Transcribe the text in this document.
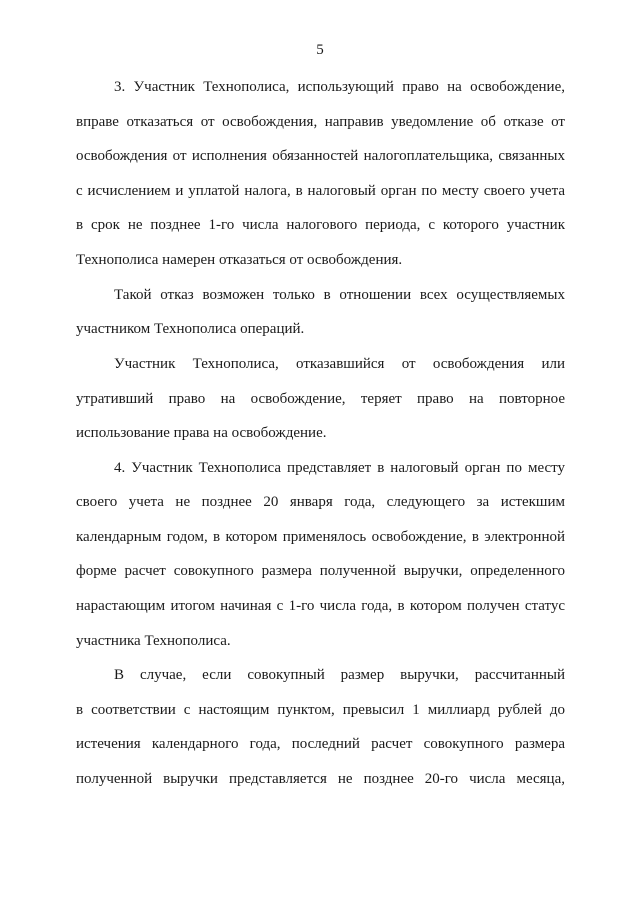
5
3. Участник Технополиса, использующий право на освобождение,
вправе отказаться от освобождения, направив уведомление об отказе от
освобождения от исполнения обязанностей налогоплательщика, связанных
с исчислением и уплатой налога, в налоговый орган по месту своего учета
в срок не позднее 1-го числа налогового периода, с которого участник
Технополиса намерен отказаться от освобождения.
Такой отказ возможен только в отношении всех осуществляемых
участником Технополиса операций.
Участник Технополиса, отказавшийся от освобождения или
утративший право на освобождение, теряет право на повторное
использование права на освобождение.
4. Участник Технополиса представляет в налоговый орган по месту
своего учета не позднее 20 января года, следующего за истекшим
календарным годом, в котором применялось освобождение, в электронной
форме расчет совокупного размера полученной выручки, определенного
нарастающим итогом начиная с 1-го числа года, в котором получен статус
участника Технополиса.
В случае, если совокупный размер выручки, рассчитанный
в соответствии с настоящим пунктом, превысил 1 миллиард рублей до
истечения календарного года, последний расчет совокупного размера
полученной выручки представляется не позднее 20-го числа месяца,
